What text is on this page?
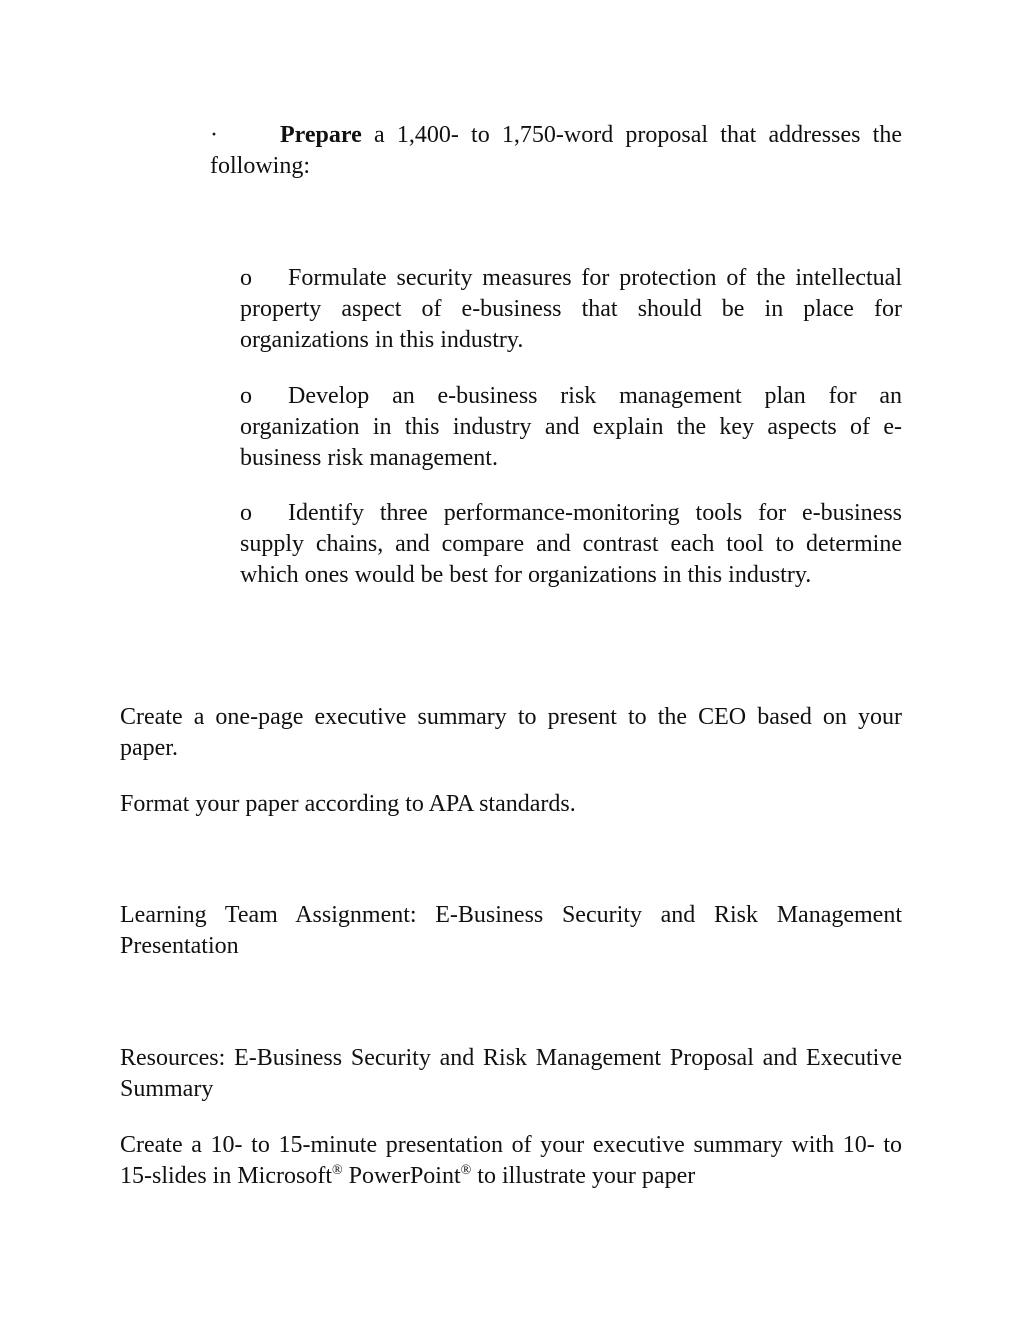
·	Prepare a 1,400- to 1,750-word proposal that addresses the following:

o Formulate security measures for protection of the intellectual property aspect of e-business that should be in place for organizations in this industry.

o Develop an e-business risk management plan for an organization in this industry and explain the key aspects of e-business risk management.

o Identify three performance-monitoring tools for e-business supply chains, and compare and contrast each tool to determine which ones would be best for organizations in this industry.

Create a one-page executive summary to present to the CEO based on your paper.

Format your paper according to APA standards.

Learning Team Assignment: E-Business Security and Risk Management Presentation

Resources: E-Business Security and Risk Management Proposal and Executive Summary

Create a 10- to 15-minute presentation of your executive summary with 10- to 15-slides in Microsoft® PowerPoint® to illustrate your paper
